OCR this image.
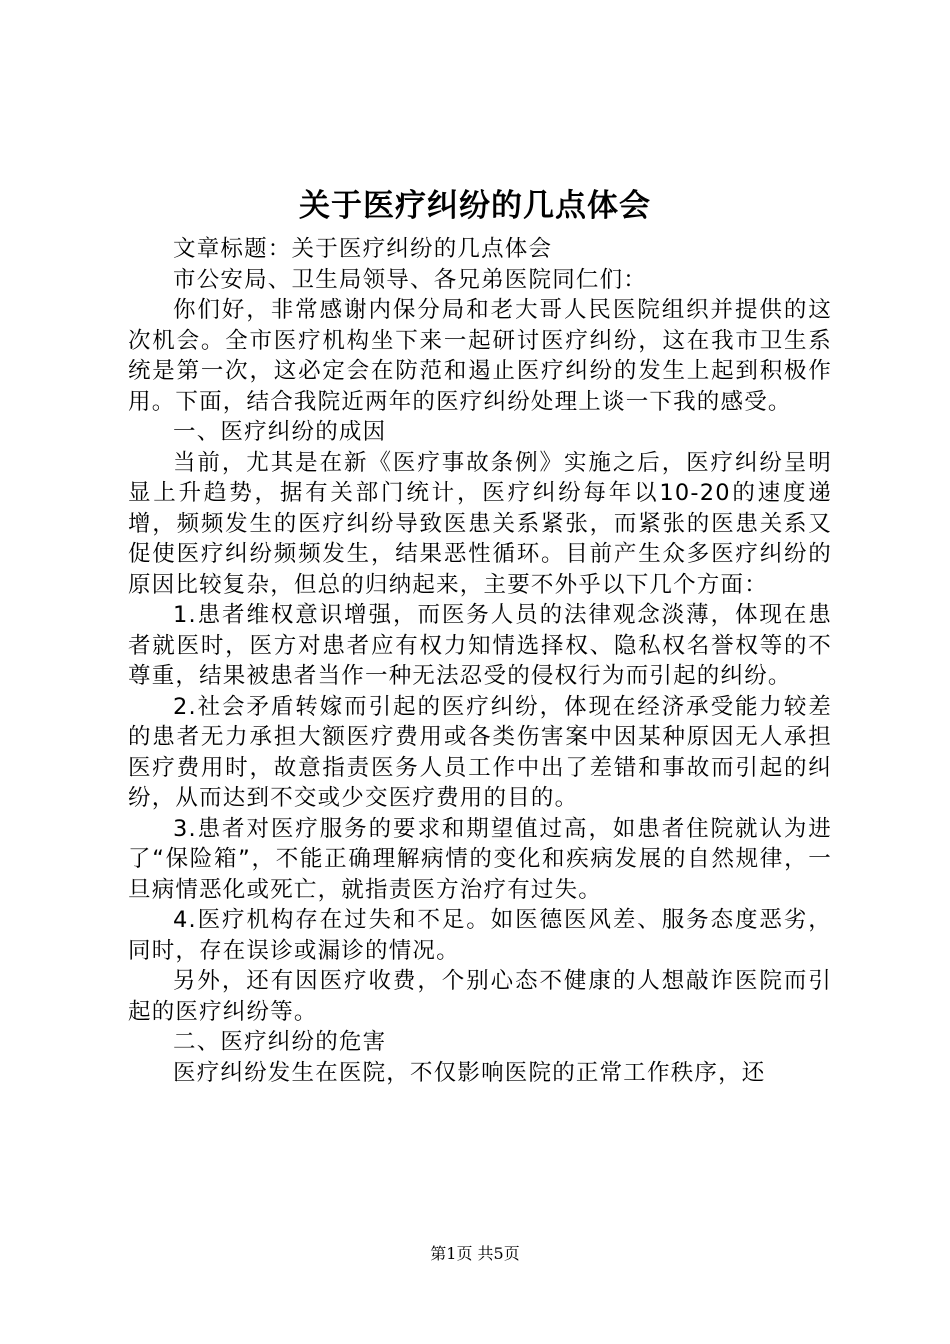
关于医疗纠纷的几点体会

文章标题：关于医疗纠纷的几点体会

市公安局、卫生局领导、各兄弟医院同仁们：

你们好，非常感谢内保分局和老大哥人民医院组织并提供的这次机会。全市医疗机构坐下来一起研讨医疗纠纷，这在我市卫生系统是第一次，这必定会在防范和遏止医疗纠纷的发生上起到积极作用。下面，结合我院近两年的医疗纠纷处理上谈一下我的感受。

一、医疗纠纷的成因

当前，尤其是在新《医疗事故条例》实施之后，医疗纠纷呈明显上升趋势，据有关部门统计，医疗纠纷每年以10-20的速度递增，频频发生的医疗纠纷导致医患关系紧张，而紧张的医患关系又促使医疗纠纷频频发生，结果恶性循环。目前产生众多医疗纠纷的原因比较复杂，但总的归纳起来，主要不外乎以下几个方面：

1.患者维权意识增强，而医务人员的法律观念淡薄，体现在患者就医时，医方对患者应有权力知情选择权、隐私权名誉权等的不尊重，结果被患者当作一种无法忍受的侵权行为而引起的纠纷。

2.社会矛盾转嫁而引起的医疗纠纷，体现在经济承受能力较差的患者无力承担大额医疗费用或各类伤害案中因某种原因无人承担医疗费用时，故意指责医务人员工作中出了差错和事故而引起的纠纷，从而达到不交或少交医疗费用的目的。

3.患者对医疗服务的要求和期望值过高，如患者住院就认为进了“保险箱”，不能正确理解病情的变化和疾病发展的自然规律，一旦病情恶化或死亡，就指责医方治疗有过失。

4.医疗机构存在过失和不足。如医德医风差、服务态度恶劣，同时，存在误诊或漏诊的情况。

另外，还有因医疗收费，个别心态不健康的人想敲诈医院而引起的医疗纠纷等。

二、医疗纠纷的危害

医疗纠纷发生在医院，不仅影响医院的正常工作秩序，还

第1页 共5页
